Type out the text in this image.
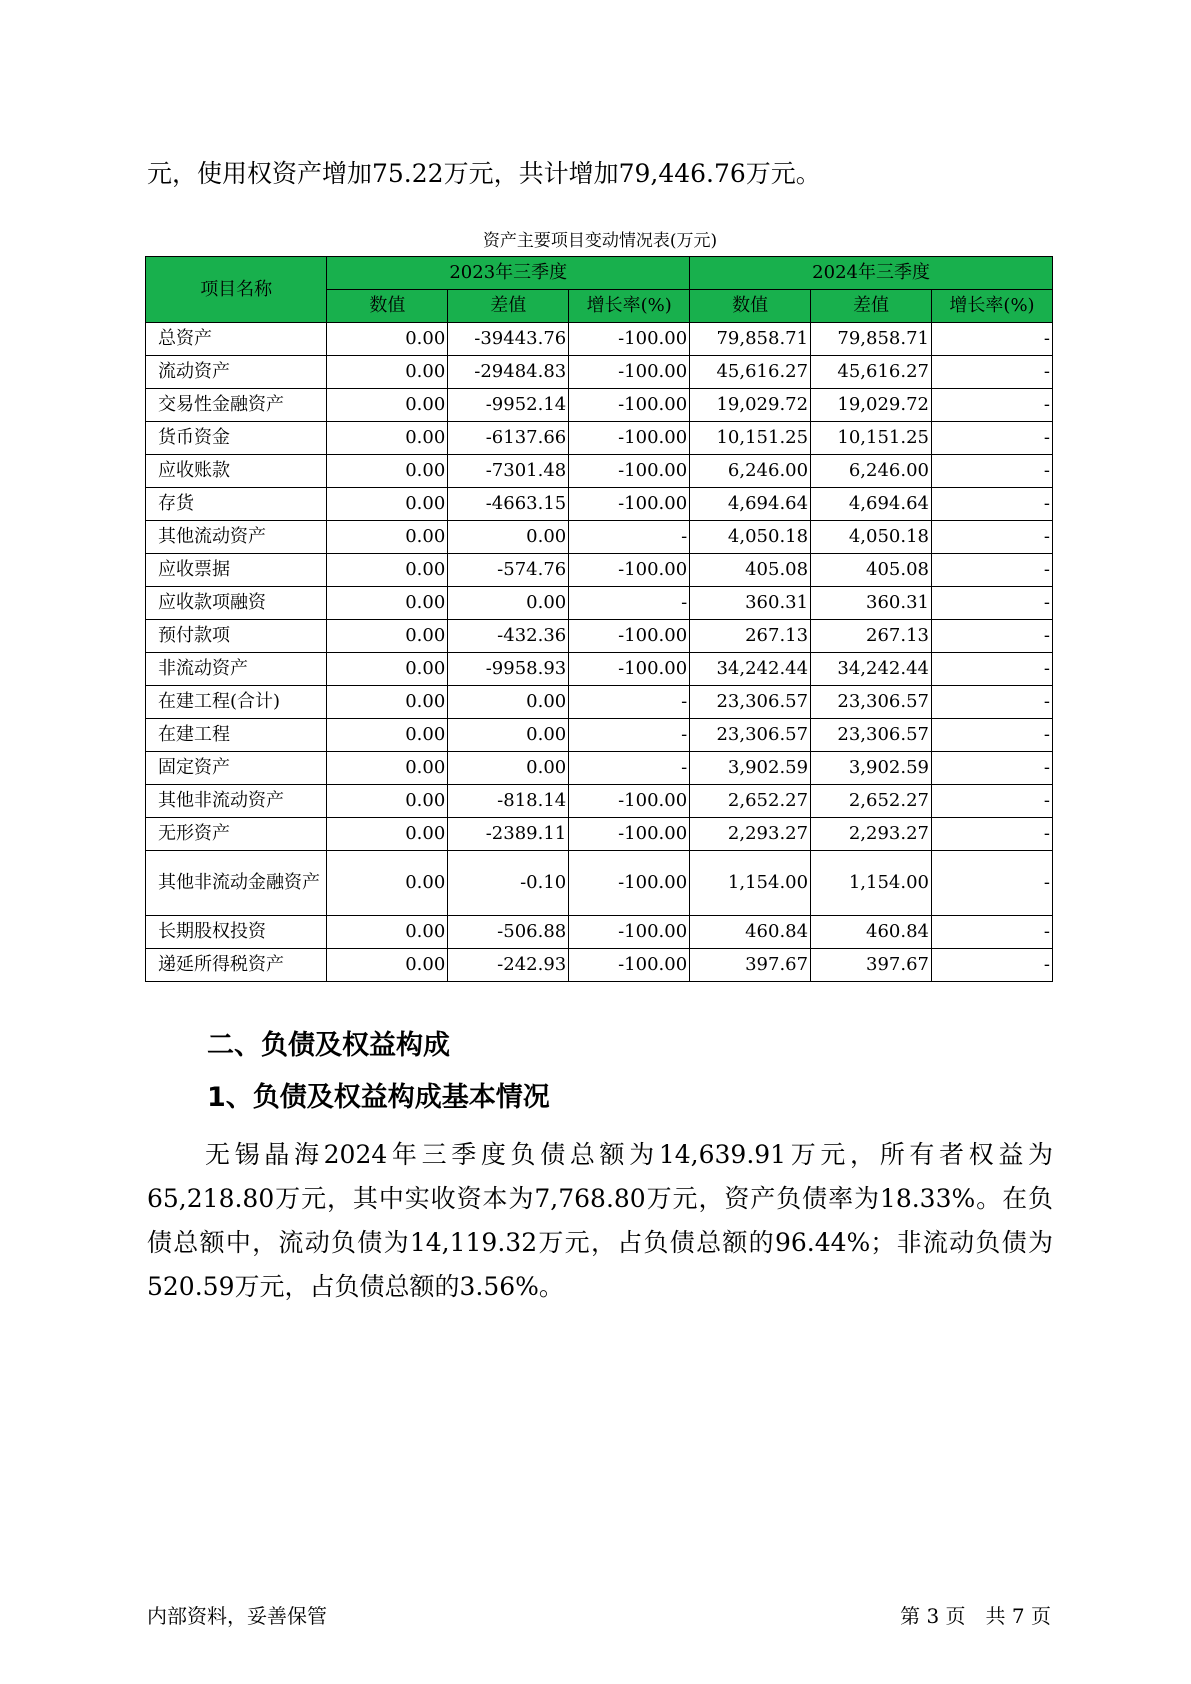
元，使用权资产增加75.22万元，共计增加79,446.76万元。

资产主要项目变动情况表(万元)
项目名称	2023年三季度			2024年三季度		
	数值	差值	增长率(%)	数值	差值	增长率(%)
总资产	0.00	-39443.76	-100.00	79,858.71	79,858.71	-
流动资产	0.00	-29484.83	-100.00	45,616.27	45,616.27	-
交易性金融资产	0.00	-9952.14	-100.00	19,029.72	19,029.72	-
货币资金	0.00	-6137.66	-100.00	10,151.25	10,151.25	-
应收账款	0.00	-7301.48	-100.00	6,246.00	6,246.00	-
存货	0.00	-4663.15	-100.00	4,694.64	4,694.64	-
其他流动资产	0.00	0.00	-	4,050.18	4,050.18	-
应收票据	0.00	-574.76	-100.00	405.08	405.08	-
应收款项融资	0.00	0.00	-	360.31	360.31	-
预付款项	0.00	-432.36	-100.00	267.13	267.13	-
非流动资产	0.00	-9958.93	-100.00	34,242.44	34,242.44	-
在建工程(合计)	0.00	0.00	-	23,306.57	23,306.57	-
在建工程	0.00	0.00	-	23,306.57	23,306.57	-
固定资产	0.00	0.00	-	3,902.59	3,902.59	-
其他非流动资产	0.00	-818.14	-100.00	2,652.27	2,652.27	-
无形资产	0.00	-2389.11	-100.00	2,293.27	2,293.27	-
其他非流动金融资产	0.00	-0.10	-100.00	1,154.00	1,154.00	-
长期股权投资	0.00	-506.88	-100.00	460.84	460.84	-
递延所得税资产	0.00	-242.93	-100.00	397.67	397.67	-
二、负债及权益构成
1、负债及权益构成基本情况

无锡晶海2024年三季度负债总额为14,639.91万元，所有者权益为65,218.80万元，其中实收资本为7,768.80万元，资产负债率为18.33%。在负债总额中，流动负债为14,119.32万元，占负债总额的96.44%；非流动负债为520.59万元，占负债总额的3.56%。

内部资料，妥善保管	第 3 页　共 7 页
